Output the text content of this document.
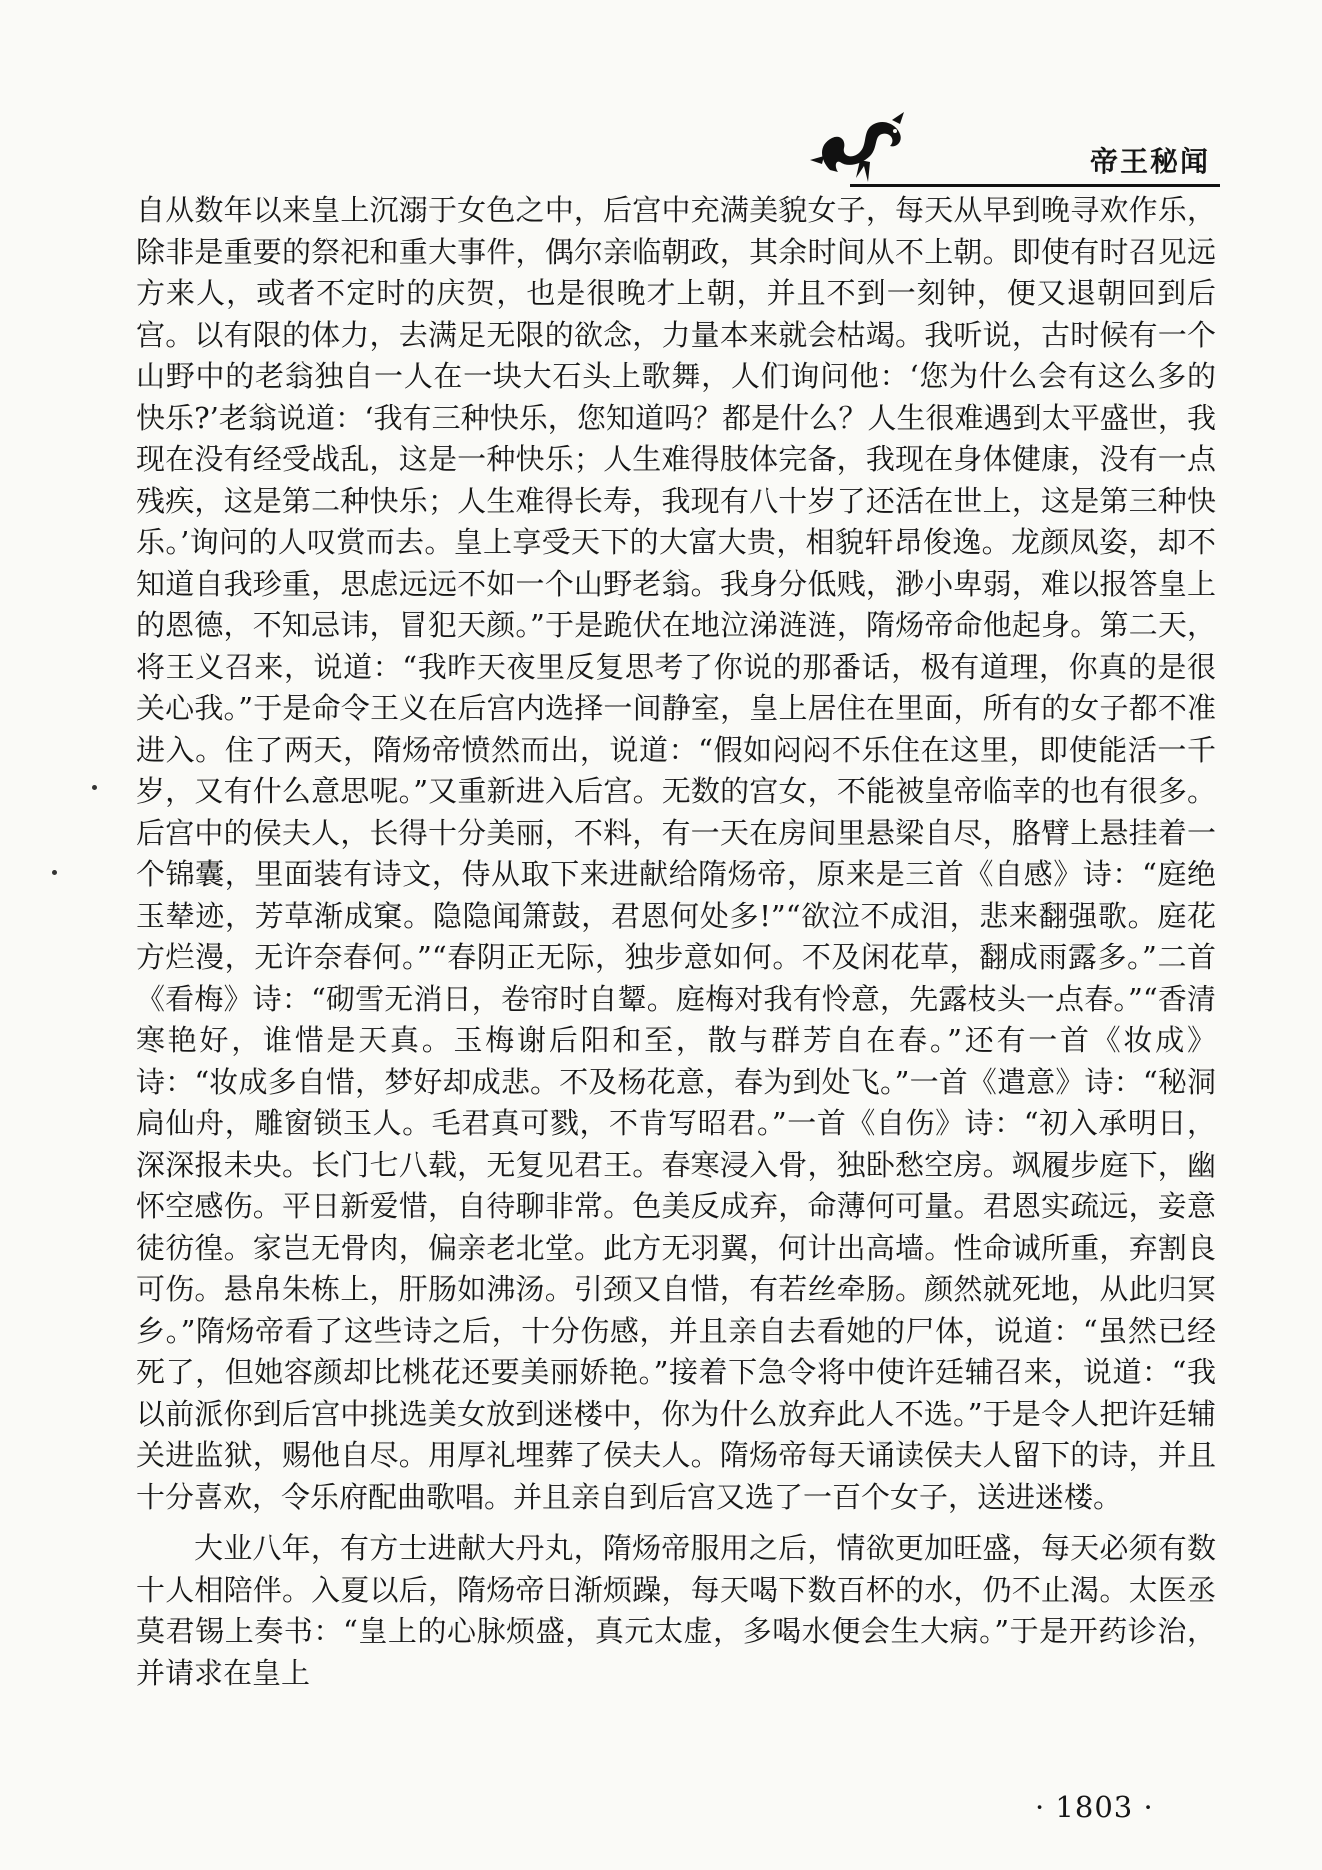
帝王秘闻

自从数年以来皇上沉溺于女色之中，后宫中充满美貌女子，每天从早到晚寻欢作乐，除非是重要的祭祀和重大事件，偶尔亲临朝政，其余时间从不上朝。即使有时召见远方来人，或者不定时的庆贺，也是很晚才上朝，并且不到一刻钟，便又退朝回到后宫。以有限的体力，去满足无限的欲念，力量本来就会枯竭。我听说，古时候有一个山野中的老翁独自一人在一块大石头上歌舞，人们询问他：‘您为什么会有这么多的快乐?’老翁说道：‘我有三种快乐，您知道吗？都是什么？人生很难遇到太平盛世，我现在没有经受战乱，这是一种快乐；人生难得肢体完备，我现在身体健康，没有一点残疾，这是第二种快乐；人生难得长寿，我现有八十岁了还活在世上，这是第三种快乐。’询问的人叹赏而去。皇上享受天下的大富大贵，相貌轩昂俊逸。龙颜凤姿，却不知道自我珍重，思虑远远不如一个山野老翁。我身分低贱，渺小卑弱，难以报答皇上的恩德，不知忌讳，冒犯天颜。”于是跪伏在地泣涕涟涟，隋炀帝命他起身。第二天，将王义召来，说道：“我昨天夜里反复思考了你说的那番话，极有道理，你真的是很关心我。”于是命令王义在后宫内选择一间静室，皇上居住在里面，所有的女子都不准进入。住了两天，隋炀帝愤然而出，说道：“假如闷闷不乐住在这里，即使能活一千岁，又有什么意思呢。”又重新进入后宫。无数的宫女，不能被皇帝临幸的也有很多。后宫中的侯夫人，长得十分美丽，不料，有一天在房间里悬梁自尽，胳臂上悬挂着一个锦囊，里面装有诗文，侍从取下来进献给隋炀帝，原来是三首《自感》诗：“庭绝玉辇迹，芳草渐成窠。隐隐闻箫鼓，君恩何处多!”“欲泣不成泪，悲来翻强歌。庭花方烂漫，无许奈春何。”“春阴正无际，独步意如何。不及闲花草，翻成雨露多。”二首《看梅》诗：“砌雪无消日，卷帘时自颦。庭梅对我有怜意，先露枝头一点春。”“香清寒艳好，谁惜是天真。玉梅谢后阳和至，散与群芳自在春。”还有一首《妆成》诗：“妆成多自惜，梦好却成悲。不及杨花意，春为到处飞。”一首《遣意》诗：“秘洞扃仙舟，雕窗锁玉人。毛君真可戮，不肯写昭君。”一首《自伤》诗：“初入承明日，深深报未央。长门七八载，无复见君王。春寒浸入骨，独卧愁空房。飒履步庭下，幽怀空感伤。平日新爱惜，自待聊非常。色美反成弃，命薄何可量。君恩实疏远，妾意徒彷徨。家岂无骨肉，偏亲老北堂。此方无羽翼，何计出高墙。性命诚所重，弃割良可伤。悬帛朱栋上，肝肠如沸汤。引颈又自惜，有若丝牵肠。颜然就死地，从此归冥乡。”隋炀帝看了这些诗之后，十分伤感，并且亲自去看她的尸体，说道：“虽然已经死了，但她容颜却比桃花还要美丽娇艳。”接着下急令将中使许廷辅召来，说道：“我以前派你到后宫中挑选美女放到迷楼中，你为什么放弃此人不选。”于是令人把许廷辅关进监狱，赐他自尽。用厚礼埋葬了侯夫人。隋炀帝每天诵读侯夫人留下的诗，并且十分喜欢，令乐府配曲歌唱。并且亲自到后宫又选了一百个女子，送进迷楼。

大业八年，有方士进献大丹丸，隋炀帝服用之后，情欲更加旺盛，每天必须有数十人相陪伴。入夏以后，隋炀帝日渐烦躁，每天喝下数百杯的水，仍不止渴。太医丞莫君锡上奏书：“皇上的心脉烦盛，真元太虚，多喝水便会生大病。”于是开药诊治，并请求在皇上

· 1803 ·
